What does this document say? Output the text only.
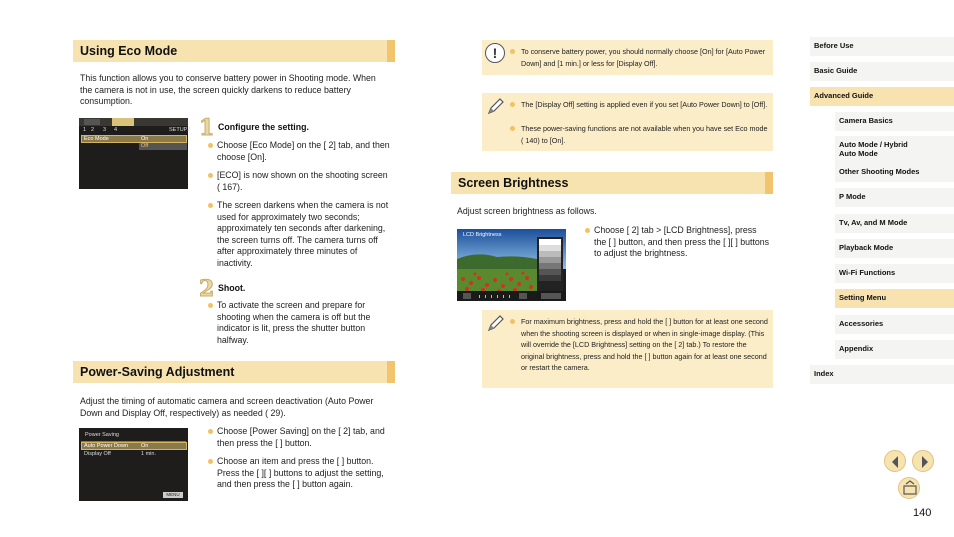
Using Eco Mode
This function allows you to conserve battery power in Shooting mode. When the camera is not in use, the screen quickly darkens to reduce battery consumption.
1 2 3 4	SETUP2
Eco Mode	On
Off
1 Configure the setting.
Choose [Eco Mode] on the [ 2] tab, and then choose [On].
[ECO] is now shown on the shooting screen ( 167).
The screen darkens when the camera is not used for approximately two seconds; approximately ten seconds after darkening, the screen turns off. The camera turns off after approximately three minutes of inactivity.
2 Shoot.
To activate the screen and prepare for shooting when the camera is off but the indicator is lit, press the shutter button halfway.
Power-Saving Adjustment
Adjust the timing of automatic camera and screen deactivation (Auto Power Down and Display Off, respectively) as needed ( 29).
Power Saving
Auto Power Down On
Display Off	1 min.
MENU
Choose [Power Saving] on the [ 2] tab, and then press the [ ] button.
Choose an item and press the [ ] button. Press the [ ][ ] buttons to adjust the setting, and then press the [ ] button again.
!	To conserve battery power, you should normally choose [On] for [Auto Power Down] and [1 min.] or less for [Display Off].
The [Display Off] setting is applied even if you set [Auto Power Down] to [Off].
These power-saving functions are not available when you have set Eco mode ( 140) to [On].
Screen Brightness
Adjust screen brightness as follows.
LCD Brightness	Choose [ 2] tab > [LCD Brightness], press the [ ] button, and then press the [ ][ ] buttons to adjust the brightness.
For maximum brightness, press and hold the [ ] button for at least one second when the shooting screen is displayed or when in single-image display. (This will override the [LCD Brightness] setting on the [ 2] tab.) To restore the original brightness, press and hold the [ ] button again for at least one second or restart the camera.
Before Use
Basic Guide
Advanced Guide
Camera Basics
Auto Mode / Hybrid Auto Mode
Other Shooting Modes
P Mode
Tv, Av, and M Mode
Playback Mode
Wi-Fi Functions
Setting Menu
Accessories
Appendix
Index
140
